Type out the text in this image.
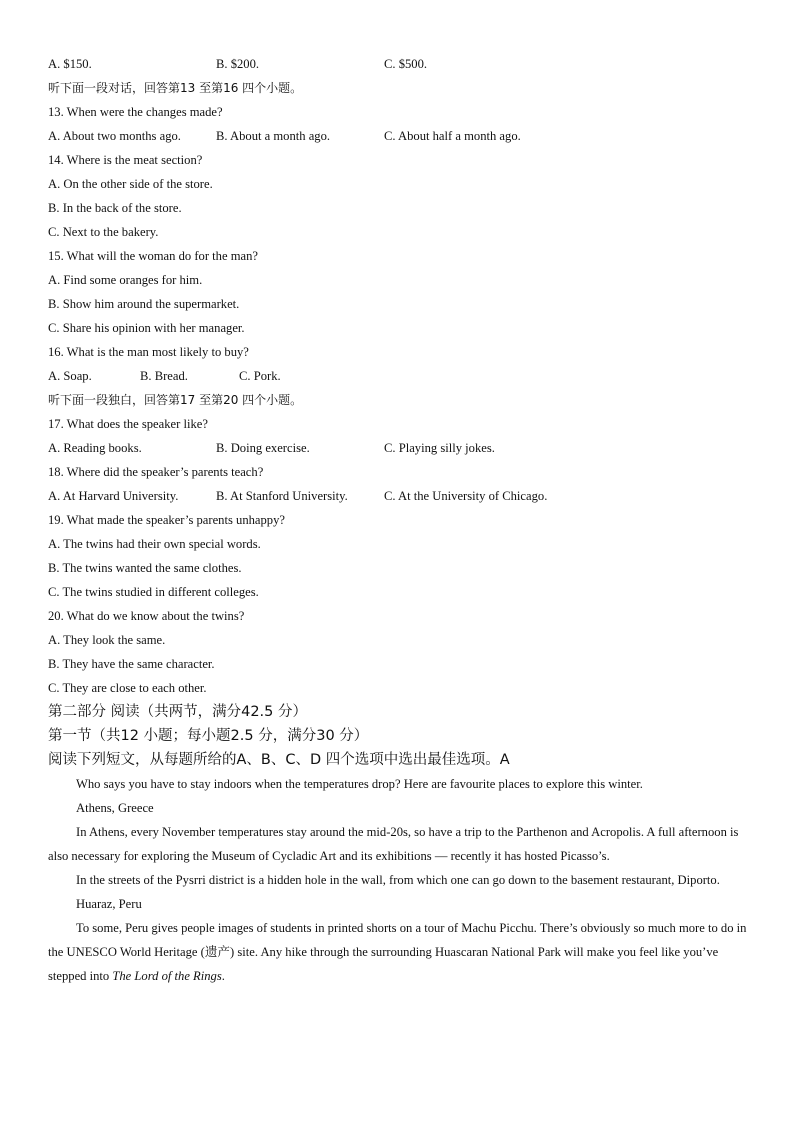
A. $150.	B. $200.	C. $500.
听下面一段对话，回答第13 至第16 四个小题。
13. When were the changes made?
A. About two months ago.	B. About a month ago.	C. About half a month ago.
14. Where is the meat section?
A. On the other side of the store.
B. In the back of the store.
C. Next to the bakery.
15. What will the woman do for the man?
A. Find some oranges for him.
B. Show him around the supermarket.
C. Share his opinion with her manager.
16. What is the man most likely to buy?
A. Soap.	B. Bread.	C. Pork.
听下面一段独白，回答第17 至第20 四个小题。
17. What does the speaker like?
A. Reading books.	B. Doing exercise.	C. Playing silly jokes.
18. Where did the speaker’s parents teach?
A. At Harvard University.	B. At Stanford University.	C. At the University of Chicago.
19. What made the speaker’s parents unhappy?
A. The twins had their own special words.
B. The twins wanted the same clothes.
C. The twins studied in different colleges.
20. What do we know about the twins?
A. They look the same.
B. They have the same character.
C. They are close to each other.
第二部分 阅读（共两节，满分42.5 分）
第一节（共12 小题；每小题2.5 分，满分30 分）
阅读下列短文，从每题所给的A、B、C、D 四个选项中选出最佳选项。A
Who says you have to stay indoors when the temperatures drop? Here are favourite places to explore this winter.
Athens, Greece
In Athens, every November temperatures stay around the mid-20s, so have a trip to the Parthenon and Acropolis. A full afternoon is also necessary for exploring the Museum of Cycladic Art and its exhibitions — recently it has hosted Picasso’s.
In the streets of the Pysrri district is a hidden hole in the wall, from which one can go down to the basement restaurant, Diporto.
Huaraz, Peru
To some, Peru gives people images of students in printed shorts on a tour of Machu Picchu. There’s obviously so much more to do in the UNESCO World Heritage (遗产) site. Any hike through the surrounding Huascaran National Park will make you feel like you’ve stepped into The Lord of the Rings.
